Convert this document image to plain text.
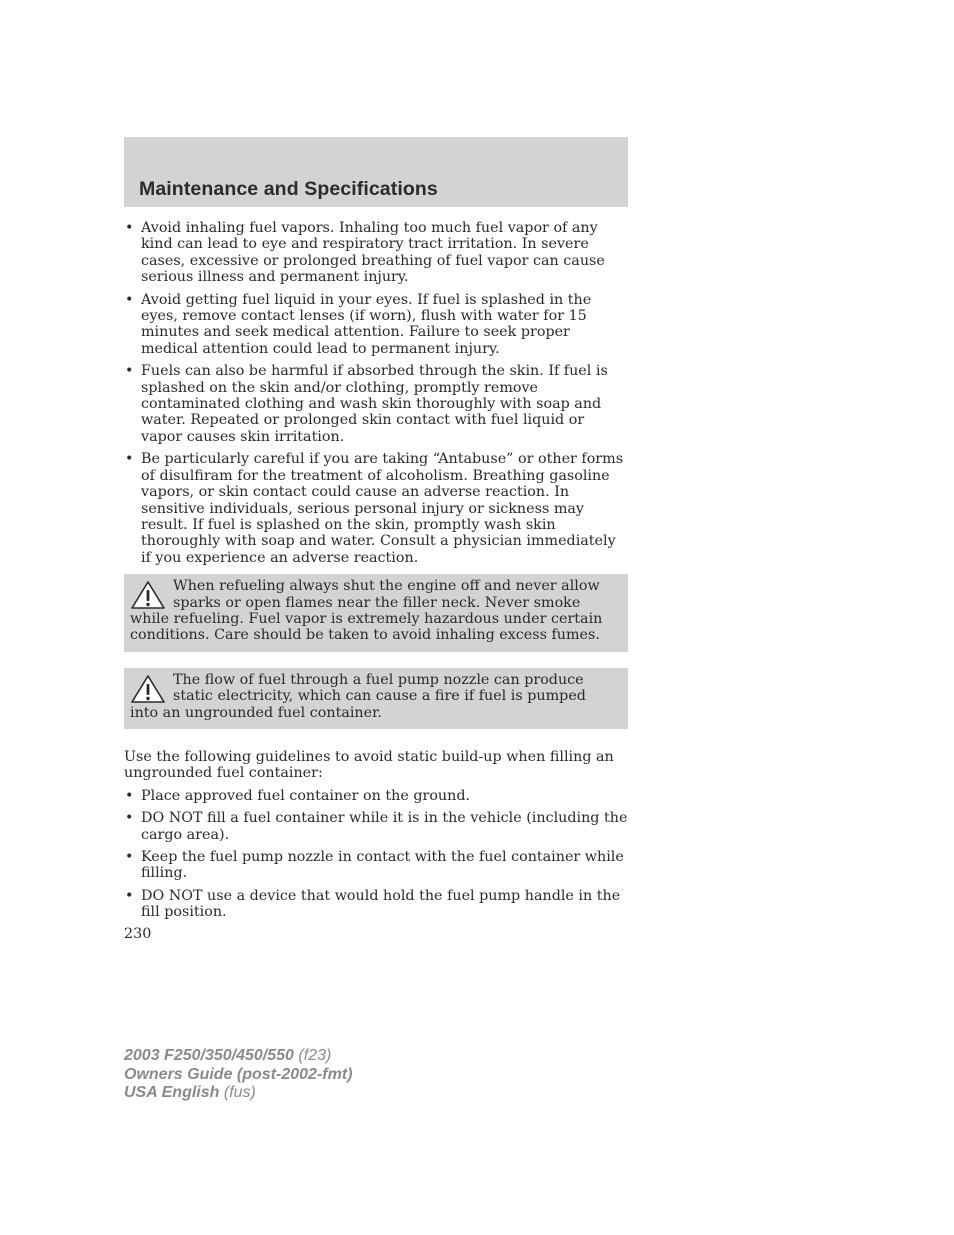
Maintenance and Specifications
• Avoid inhaling fuel vapors. Inhaling too much fuel vapor of any kind can lead to eye and respiratory tract irritation. In severe cases, excessive or prolonged breathing of fuel vapor can cause serious illness and permanent injury.
• Avoid getting fuel liquid in your eyes. If fuel is splashed in the eyes, remove contact lenses (if worn), flush with water for 15 minutes and seek medical attention. Failure to seek proper medical attention could lead to permanent injury.
• Fuels can also be harmful if absorbed through the skin. If fuel is splashed on the skin and/or clothing, promptly remove contaminated clothing and wash skin thoroughly with soap and water. Repeated or prolonged skin contact with fuel liquid or vapor causes skin irritation.
• Be particularly careful if you are taking “Antabuse” or other forms of disulfiram for the treatment of alcoholism. Breathing gasoline vapors, or skin contact could cause an adverse reaction. In sensitive individuals, serious personal injury or sickness may result. If fuel is splashed on the skin, promptly wash skin thoroughly with soap and water. Consult a physician immediately if you experience an adverse reaction.

When refueling always shut the engine off and never allow sparks or open flames near the filler neck. Never smoke while refueling. Fuel vapor is extremely hazardous under certain conditions. Care should be taken to avoid inhaling excess fumes.

The flow of fuel through a fuel pump nozzle can produce static electricity, which can cause a fire if fuel is pumped into an ungrounded fuel container.

Use the following guidelines to avoid static build-up when filling an ungrounded fuel container:

• Place approved fuel container on the ground.
• DO NOT fill a fuel container while it is in the vehicle (including the cargo area).
• Keep the fuel pump nozzle in contact with the fuel container while filling.
• DO NOT use a device that would hold the fuel pump handle in the fill position.
230
2003 F250/350/450/550 (f23)
Owners Guide (post-2002-fmt)
USA English (fus)
